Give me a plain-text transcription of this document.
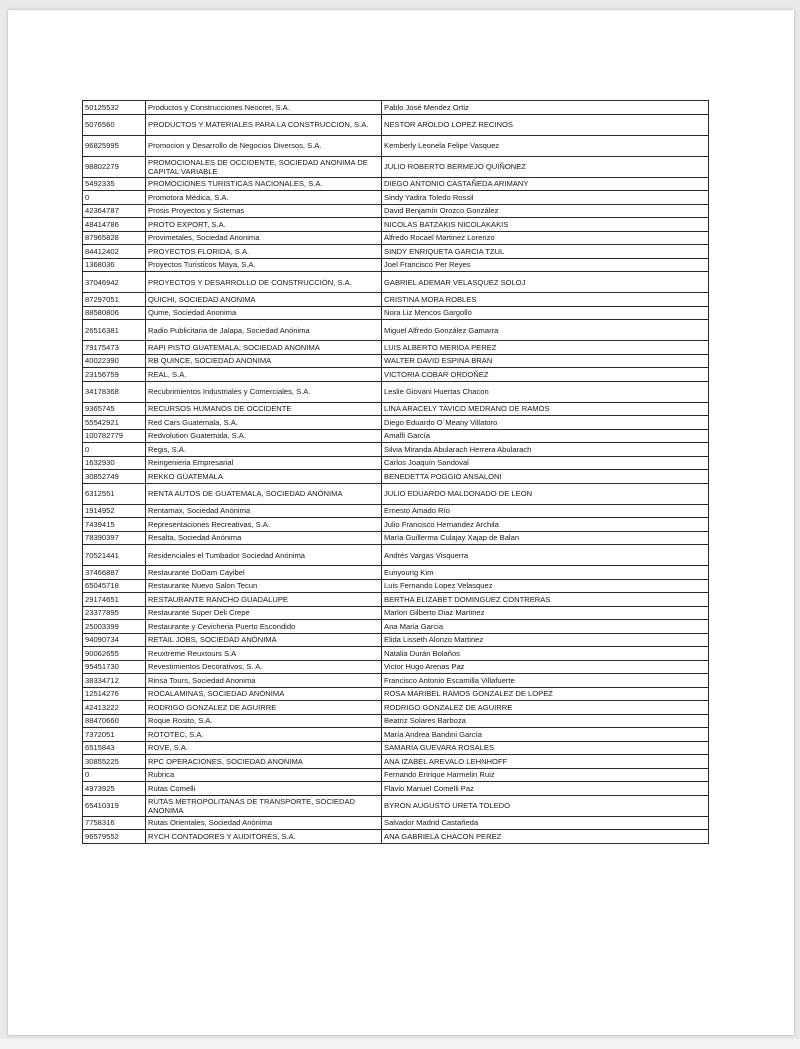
50125532	Productos y Construcciones Neocret, S.A.	Pablo José Mendez Ortiz
5076560	PRODUCTOS Y MATERIALES PARA LA CONSTRUCCION, S.A.	NESTOR AROLDO LOPEZ RECINOS
96825995	Promocion y Desarrollo de Negocios Diversos, S.A.	Kemberly Leonela Felipe Vasquez
98802279	PROMOCIONALES DE OCCIDENTE, SOCIEDAD ANONIMA DE CAPITAL VARIABLE	JULIO ROBERTO BERMEJO QUIÑONEZ
5492335	PROMOCIONES TURISTICAS NACIONALES, S.A.	DIEGO ANTONIO CASTAÑEDA ARIMANY
0	Promotora Médica, S.A.	Sindy Yadira Toledo Rossil
42364787	Prosis Proyectos y Sistemas	David Benjamín Orozco González
48414786	PROTO EXPORT, S.A.	NICOLAS BATZAKIS NICOLAKAKIS
87965828	Provimetales, Sociedad Anonima	Alfredo Rocael Martinez Lorenzo
84412402	PROYECTOS FLORIDA, S.A.	SINDY ENRIQUETA GARCIA TZUL
1368036	Proyectos Turísticos Maya, S.A.	Joel Francisco Per Reyes
37046942	PROYECTOS Y DESARROLLO DE CONSTRUCCIÓN, S.A.	GABRIEL ADEMAR VELASQUEZ SOLOJ
87297051	QUICHI, SOCIEDAD ANONIMA	CRISTINA MORA ROBLES
88580806	Qume, Sociedad Anonima	Nora Liz Mencos Gargollo
26516381	Radio Publicitaria de Jalapa, Sociedad Anónima	Miguel Alfredo González Gamarra
79175473	RAPI PISTO GUATEMALA, SOCIEDAD ANONIMA	LUIS ALBERTO MERIDA PEREZ
40022390	RB QUINCE, SOCIEDAD ANONIMA	WALTER DAVID ESPINA BRAN
23156759	REAL, S.A.	VICTORIA COBAR ORDOÑEZ
34178368	Recubrimientos Industriales y Comerciales, S.A.	Leslie Giovani Huertas Chacon
9365745	RECURSOS HUMANOS DE OCCIDENTE	LINA ARACELY TAVICO MEDRANO DE RAMOS
55542921	Red Cars Guatemala, S.A.	Diego Eduardo O´Meany Villatoro
100782779	Redvolution Guatemala, S.A.	Amalfi García
0	Regis, S.A.	Silvia Miranda Abularach Herrera Abularach
1632930	Reingenieria Empresarial	Carlos Joaquín Sandoval
30852749	REKKO GUATEMALA	BENEDETTA POGGIO ANSALONI
6312551	RENTA AUTOS DE GUATEMALA, SOCIEDAD ANÓNIMA	JULIO EDUARDO MALDONADO DE LEON
1914952	Rentamax, Sociedad Anónima	Ernesto Amado Río
7439415	Representaciones Recreativas, S.A.	Julio Francisco Hernandez Archila
78390397	Resalta, Sociedad Anónima	María Guillerma Culajay Xajap de Balan
70521441	Residenciales el Tumbador Sociedad Anónima	Andrés Vargas Visquerra
37466887	Restaurante DoDam Cayibel	Eunyoung Kim
65045718	Restaurante Nuevo Salon Tecun	Luis Fernando Lopez Velasquez
29174651	RESTAURANTE RANCHO GUADALUPE	BERTHA ELIZABET DOMINGUEZ CONTRERAS
23377895	Restaurante Super Deli Crepe	Marlon Gilberto Diaz Martinez
25003399	Restaurante y Cevicheria Puerto Escondido	Ana Maria Garcia
94090734	RETAIL JOBS, SOCIEDAD ANÓNIMA	Elida Lisseth Alonzo Martinez
90062655	Reuxtreme Reuxtours S.A	Natalia Durán Bolaños
95451730	Revestimientos Decorativos, S. A.	Victor Hugo Arenas Paz
38334712	Rinsa Tours, Sociedad Anonima	Francisco Antonio Escamilla Villafuerte
12514276	ROCALAMINAS, SOCIEDAD ANONIMA	ROSA MARIBEL RAMOS GONZALEZ DE LOPEZ
42413222	RODRIGO GONZALEZ DE AGUIRRE	RODRIGO GONZALEZ DE AGUIRRE
88470660	Roque Rosito, S.A.	Beatriz Solares Barboza
7372051	ROTOTEC, S.A.	María Andrea Bandini García
6515843	ROVE, S.A.	SAMARIA GUEVARA ROSALES
30855225	RPC OPERACIONES, SOCIEDAD ANONIMA	ANA IZABEL AREVALO LEHNHOFF
0	Rubrica	Fernando Enrique Harmelin Ruiz
4973925	Rutas Comelli	Flavio Manuel Comelli Paz
65410319	RUTAS METROPOLITANAS DE TRANSPORTE, SOCIEDAD ANONIMA	BYRON AUGUSTO URETA TOLEDO
7758316	Rutas Orientales, Sociedad Anónima	Salvador Madrid Castañeda
96579552	RYCH CONTADORES Y AUDITORES, S.A.	ANA GABRIELA CHACON PEREZ
